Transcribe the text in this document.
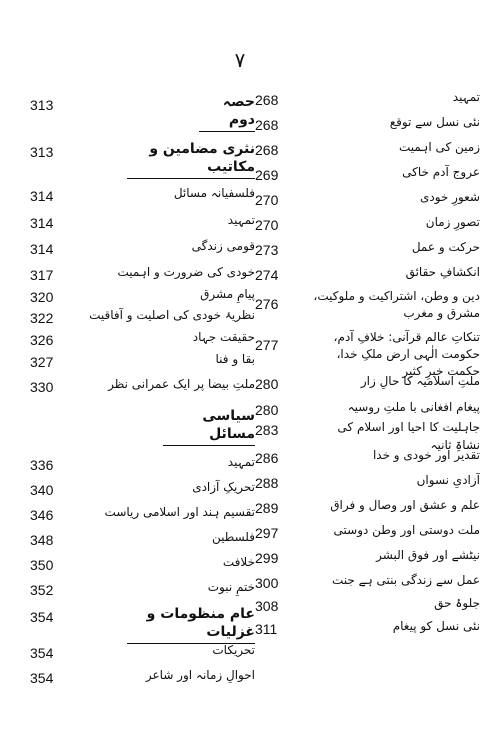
۷
268	تمہید
268	نئی نسل سے توقع
268	زمین کی اہمیت
269	عروج آدم خاکی
270	شعورِ خودی
270	تصورِ زمان
273	حرکت و عمل
274	انکشافِ حقائق
276	دین و وطن، اشتراکیت و ملوکیت، مشرق و مغرب
277	تنکاتِ عالم قرآنی: خلافِ آدم، حکومت الٰہی ارض ملکِ خدا، حکمت خیرِ کثیر
280	ملتِ اسلامیہ کا حالِ زار
280	پیغام افغانی با ملتِ روسیہ
283	جاہلیت کا احیا اور اسلام کی نشاۃِ ثانیہ
286	تقدیر اور خودی و خدا
288	آزادیِ نسواں
289	علم و عشق اور وصال و فراق
297	ملت دوستی اور وطن دوستی
299	نیٹشے اور فوق البشر
300	عمل سے زندگی بنتی ہے جنت
308	جلوۂ حق
311	نئی نسل کو پیغام
313	حصہ دوم
313	نثری مضامین و مکاتیب
314	فلسفیانہ مسائل
314	تمہید
314	قومی زندگی
317	خودی کی ضرورت و اہمیت
320	پیامِ مشرق
322	نظریۂ خودی کی اصلیت و آفاقیت
326	حقیقت جہاد
327	بقا و فنا
330	ملتِ بیضا پر ایک عمرانی نظر
سیاسی مسائل
336	تمہید
340	تحریکِ آزادی
346	تقسیم ہند اور اسلامی ریاست
348	فلسطین
350	خلافت
352	ختمِ نبوت
354	عام منظومات و غزلیات
354	تحریکات
354	احوالِ زمانہ اور شاعر
